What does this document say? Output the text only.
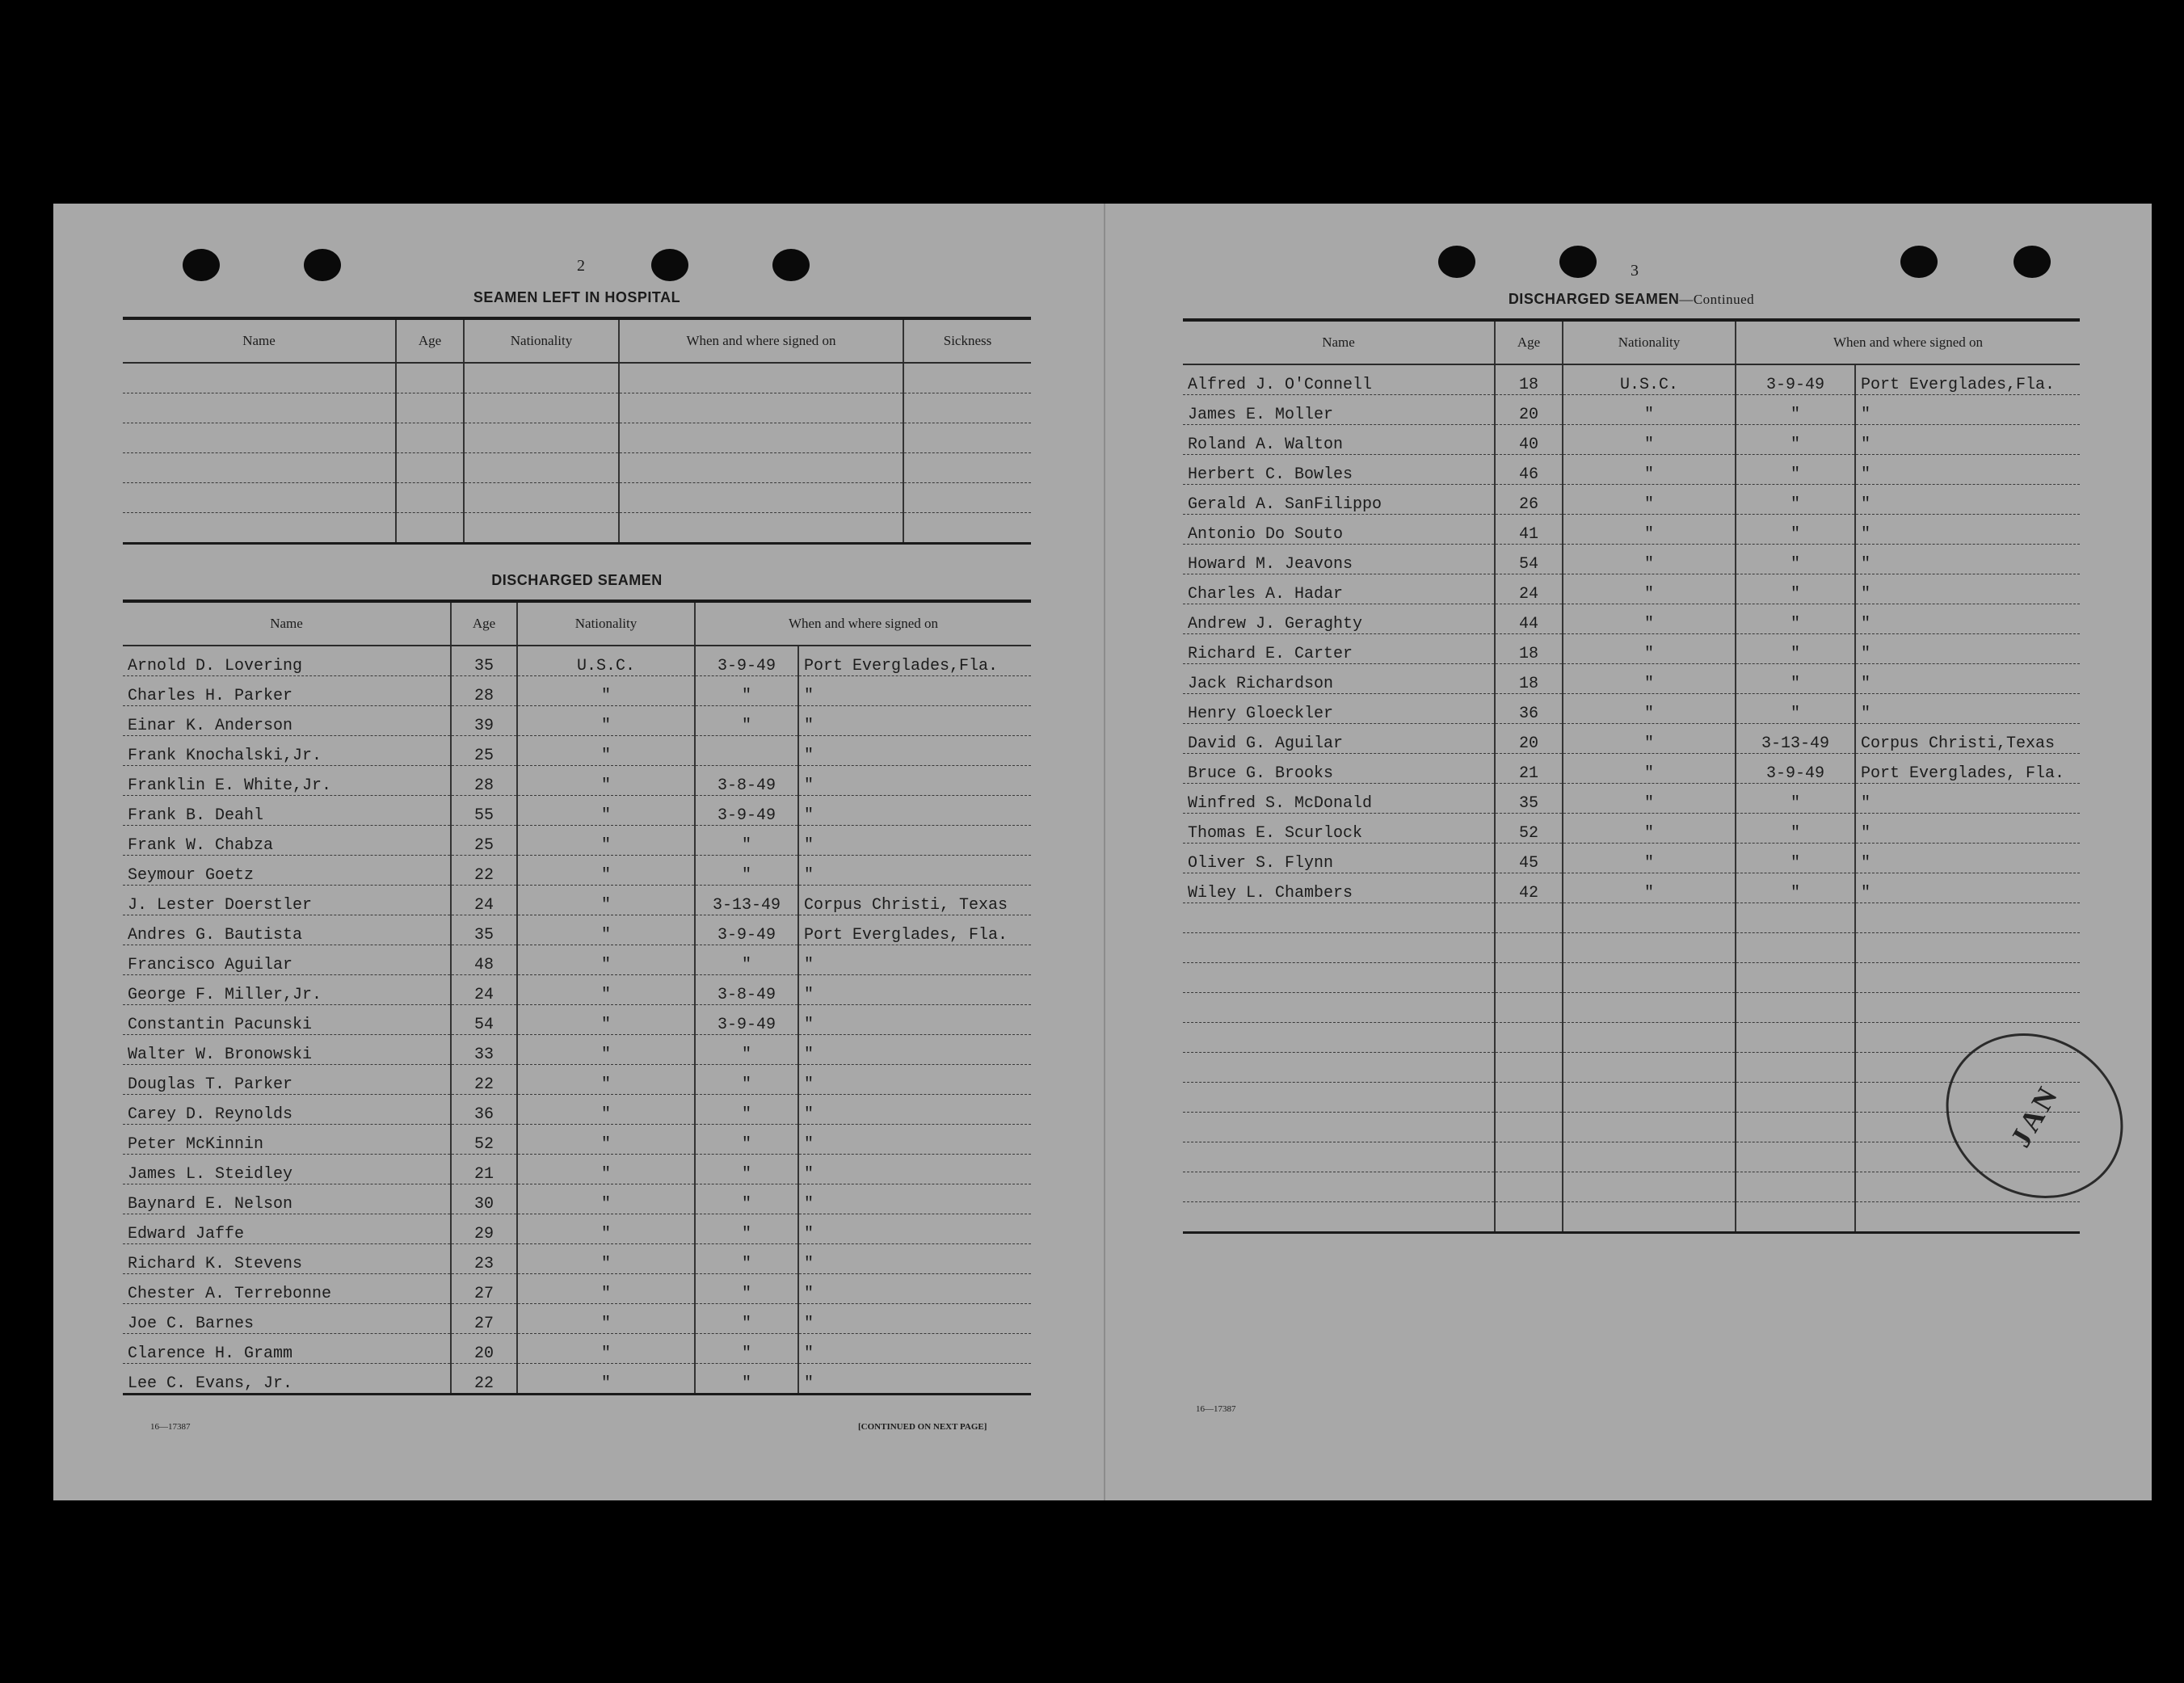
2
SEAMEN LEFT IN HOSPITAL
Name	Age	Nationality	When and where signed on	Sickness

DISCHARGED SEAMEN
Name	Age	Nationality	When and where signed on	
Arnold D. Lovering	35	U.S.C.	3-9-49	Port Everglades,Fla.
Charles H. Parker	28	"	"	"
Einar K. Anderson	39	"	"	"
Frank Knochalski,Jr.	25	"		"
Franklin E. White,Jr.	28	"	3-8-49	"
Frank B. Deahl	55	"	3-9-49	"
Frank W. Chabza	25	"	"	"
Seymour Goetz	22	"	"	"
J. Lester Doerstler	24	"	3-13-49	Corpus Christi, Texas
Andres G. Bautista	35	"	3-9-49	Port Everglades, Fla.
Francisco Aguilar	48	"	"	"
George F. Miller,Jr.	24	"	3-8-49	"
Constantin Pacunski	54	"	3-9-49	"
Walter W. Bronowski	33	"	"	"
Douglas T. Parker	22	"	"	"
Carey D. Reynolds	36	"	"	"
Peter McKinnin	52	"	"	"
James L. Steidley	21	"	"	"
Baynard E. Nelson	30	"	"	"
Edward Jaffe	29	"	"	"
Richard K. Stevens	23	"	"	"
Chester A. Terrebonne	27	"	"	"
Joe C. Barnes	27	"	"	"
Clarence H. Gramm	20	"	"	"
Lee C. Evans, Jr.	22	"	"	"
16—17387	[CONTINUED ON NEXT PAGE]
3
DISCHARGED SEAMEN—Continued
Name	Age	Nationality	When and where signed on	
Alfred J. O'Connell	18	U.S.C.	3-9-49	Port Everglades,Fla.
James E. Moller	20	"	"	"
Roland A. Walton	40	"	"	"
Herbert C. Bowles	46	"	"	"
Gerald A. SanFilippo	26	"	"	"
Antonio Do Souto	41	"	"	"
Howard M. Jeavons	54	"	"	"
Charles A. Hadar	24	"	"	"
Andrew J. Geraghty	44	"	"	"
Richard E. Carter	18	"	"	"
Jack Richardson	18	"	"	"
Henry Gloeckler	36	"	"	"
David G. Aguilar	20	"	3-13-49	Corpus Christi,Texas
Bruce G. Brooks	21	"	3-9-49	Port Everglades, Fla.
Winfred S. McDonald	35	"	"	"
Thomas E. Scurlock	52	"	"	"
Oliver S. Flynn	45	"	"	"
Wiley L. Chambers	42	"	"	"

16—17387
JAN
